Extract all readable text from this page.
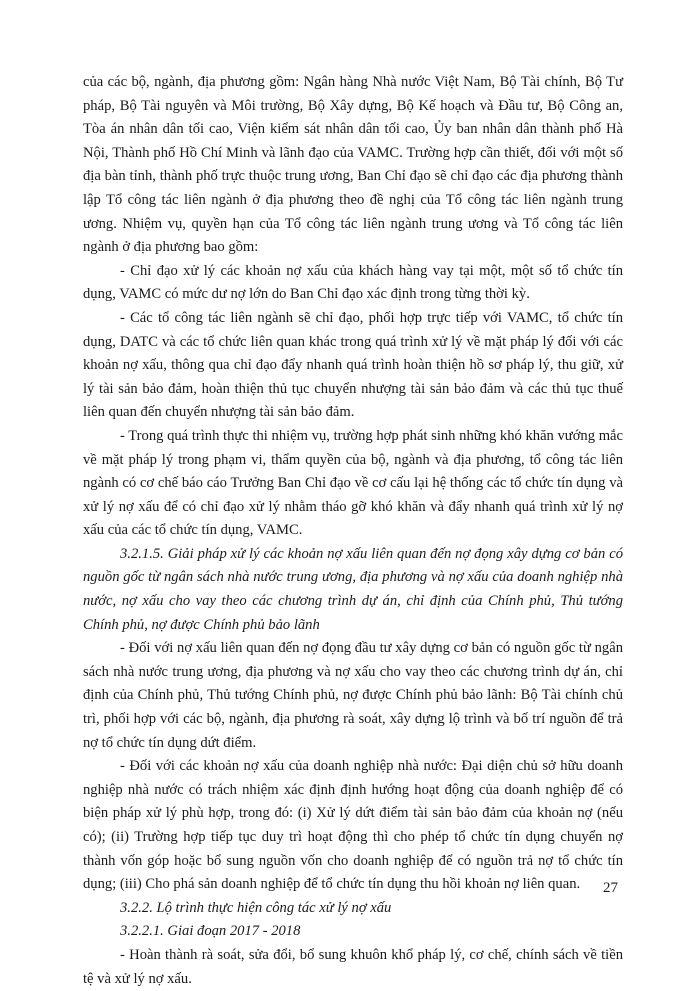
của các bộ, ngành, địa phương gồm: Ngân hàng Nhà nước Việt Nam, Bộ Tài chính, Bộ Tư pháp, Bộ Tài nguyên và Môi trường, Bộ Xây dựng, Bộ Kế hoạch và Đầu tư, Bộ Công an, Tòa án nhân dân tối cao, Viện kiểm sát nhân dân tối cao, Ủy ban nhân dân thành phố Hà Nội, Thành phố Hồ Chí Minh và lãnh đạo của VAMC. Trường hợp cần thiết, đối với một số địa bàn tỉnh, thành phố trực thuộc trung ương, Ban Chỉ đạo sẽ chỉ đạo các địa phương thành lập Tổ công tác liên ngành ở địa phương theo đề nghị của Tổ công tác liên ngành trung ương. Nhiệm vụ, quyền hạn của Tổ công tác liên ngành trung ương và Tổ công tác liên ngành ở địa phương bao gồm:

- Chỉ đạo xử lý các khoản nợ xấu của khách hàng vay tại một, một số tổ chức tín dụng, VAMC có mức dư nợ lớn do Ban Chỉ đạo xác định trong từng thời kỳ.

- Các tổ công tác liên ngành sẽ chỉ đạo, phối hợp trực tiếp với VAMC, tổ chức tín dụng, DATC và các tổ chức liên quan khác trong quá trình xử lý về mặt pháp lý đối với các khoản nợ xấu, thông qua chỉ đạo đẩy nhanh quá trình hoàn thiện hồ sơ pháp lý, thu giữ, xử lý tài sản bảo đảm, hoàn thiện thủ tục chuyển nhượng tài sản bảo đảm và các thủ tục thuế liên quan đến chuyển nhượng tài sản bảo đảm.

- Trong quá trình thực thi nhiệm vụ, trường hợp phát sinh những khó khăn vướng mắc về mặt pháp lý trong phạm vi, thẩm quyền của bộ, ngành và địa phương, tổ công tác liên ngành có cơ chế báo cáo Trưởng Ban Chỉ đạo về cơ cấu lại hệ thống các tổ chức tín dụng và xử lý nợ xấu để có chỉ đạo xử lý nhằm tháo gỡ khó khăn và đẩy nhanh quá trình xử lý nợ xấu của các tổ chức tín dụng, VAMC.

3.2.1.5. Giải pháp xử lý các khoản nợ xấu liên quan đến nợ đọng xây dựng cơ bản có nguồn gốc từ ngân sách nhà nước trung ương, địa phương và nợ xấu của doanh nghiệp nhà nước, nợ xấu cho vay theo các chương trình dự án, chỉ định của Chính phủ, Thủ tướng Chính phủ, nợ được Chính phủ bảo lãnh

- Đối với nợ xấu liên quan đến nợ đọng đầu tư xây dựng cơ bản có nguồn gốc từ ngân sách nhà nước trung ương, địa phương và nợ xấu cho vay theo các chương trình dự án, chỉ định của Chính phủ, Thủ tướng Chính phủ, nợ được Chính phủ bảo lãnh: Bộ Tài chính chủ trì, phối hợp với các bộ, ngành, địa phương rà soát, xây dựng lộ trình và bố trí nguồn để trả nợ tổ chức tín dụng dứt điểm.

- Đối với các khoản nợ xấu của doanh nghiệp nhà nước: Đại diện chủ sở hữu doanh nghiệp nhà nước có trách nhiệm xác định định hướng hoạt động của doanh nghiệp để có biện pháp xử lý phù hợp, trong đó: (i) Xử lý dứt điểm tài sản bảo đảm của khoản nợ (nếu có); (ii) Trường hợp tiếp tục duy trì hoạt động thì cho phép tổ chức tín dụng chuyển nợ thành vốn góp hoặc bổ sung nguồn vốn cho doanh nghiệp để có nguồn trả nợ tổ chức tín dụng; (iii) Cho phá sản doanh nghiệp để tổ chức tín dụng thu hồi khoản nợ liên quan.

3.2.2. Lộ trình thực hiện công tác xử lý nợ xấu

3.2.2.1. Giai đoạn 2017 - 2018

- Hoàn thành rà soát, sửa đổi, bổ sung khuôn khổ pháp lý, cơ chế, chính sách về tiền tệ và xử lý nợ xấu.

27
